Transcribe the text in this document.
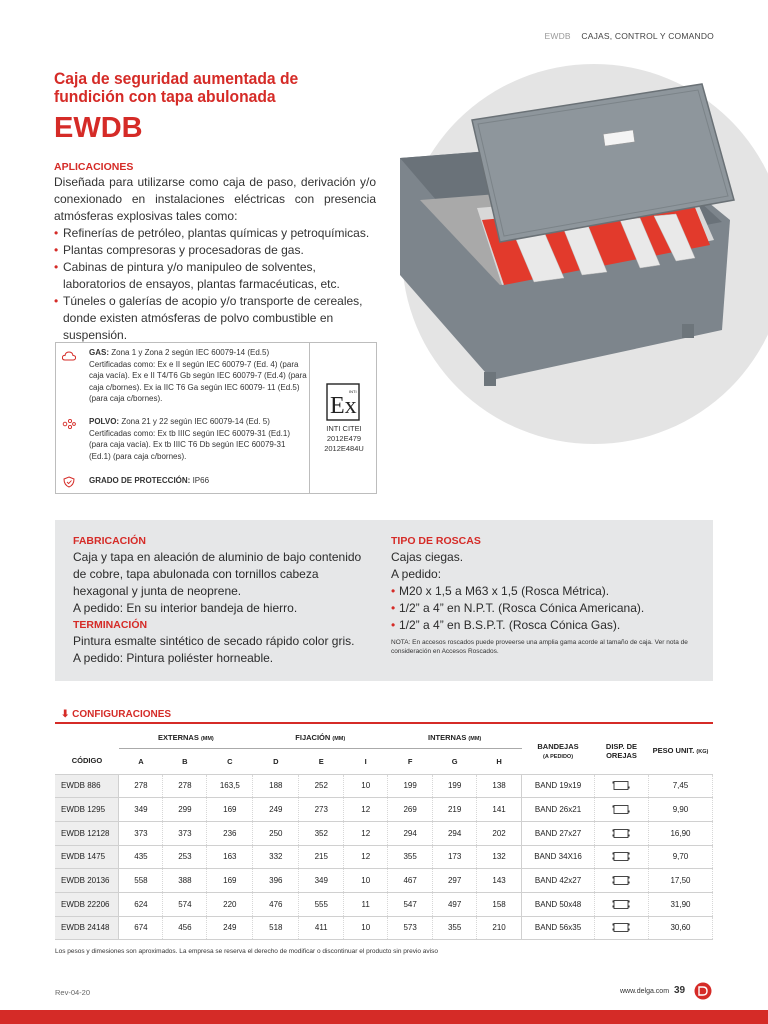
EWDB CAJAS, CONTROL Y COMANDO
Caja de seguridad aumentada de fundición con tapa abulonada
EWDB
APLICACIONES

Diseñada para utilizarse como caja de paso, derivación y/o conexionado en instalaciones eléctricas con presencia atmósferas explosivas tales como:

• Refinerías de petróleo, plantas químicas y petroquímicas.
• Plantas compresoras y procesadoras de gas.
• Cabinas de pintura y/o manipuleo de solventes, laboratorios de ensayos, plantas farmacéuticas, etc.
• Túneles o galerías de acopio y/o transporte de cereales, donde existen atmósferas de polvo combustible en suspensión.
GAS: Zona 1 y Zona 2 según IEC 60079-14 (Ed.5) Certificadas como: Ex e II según IEC 60079-7 (Ed. 4) (para caja vacía). Ex e II T4/T6 Gb según IEC 60079-7 (Ed.4) (para caja c/bornes). Ex ia IIC T6 Ga según IEC 60079- 11 (Ed.5) (para caja c/bornes).
POLVO: Zona 21 y 22 según IEC 60079-14 (Ed. 5) Certificadas como: Ex tb IIIC según IEC 60079-31 (Ed.1) (para caja vacía). Ex tb IIIC T6 Db según IEC 60079-31 (Ed.1) (para caja c/bornes).
GRADO DE PROTECCIÓN: IP66
Ex
INTI
INTI CITEI
2012E479
2012E484U
FABRICACIÓN

Caja y tapa en aleación de aluminio de bajo contenido de cobre, tapa abulonada con tornillos cabeza hexagonal y junta de neoprene.

A pedido: En su interior bandeja de hierro.

TERMINACIÓN

Pintura esmalte sintético de secado rápido color gris.

A pedido: Pintura poliéster horneable.

TIPO DE ROSCAS

Cajas ciegas.

A pedido:

• M20 x 1,5 a M63 x 1,5 (Rosca Métrica).
• 1/2” a 4” en N.P.T. (Rosca Cónica Americana).
• 1/2” a 4” en B.S.P.T. (Rosca Cónica Gas).

NOTA: En accesos roscados puede proveerse una amplia gama acorde al tamaño de caja. Ver nota de consideración en Accesos Roscados.

⬇ CONFIGURACIONES
	EXTERNAS (MM)			FIJACIÓN (MM)			INTERNAS (MM)			BANDEJAS
(A PEDIDO)	DISP. DE OREJAS	PESO UNIT. (KG)
CÓDIGO	A	B	C	D	E	I	F	G	H			
EWDB 886	278	278	163,5	188	252	10	199	199	138	BAND 19x19		7,45
EWDB 1295	349	299	169	249	273	12	269	219	141	BAND 26x21		9,90
EWDB 12128	373	373	236	250	352	12	294	294	202	BAND 27x27		16,90
EWDB 1475	435	253	163	332	215	12	355	173	132	BAND 34X16		9,70
EWDB 20136	558	388	169	396	349	10	467	297	143	BAND 42x27		17,50
EWDB 22206	624	574	220	476	555	11	547	497	158	BAND 50x48		31,90
EWDB 24148	674	456	249	518	411	10	573	355	210	BAND 56x35		30,60
Los pesos y dimesiones son aproximados. La empresa se reserva el derecho de modificar o discontinuar el producto sin previo aviso
Rev-04-20	www.delga.com 39
